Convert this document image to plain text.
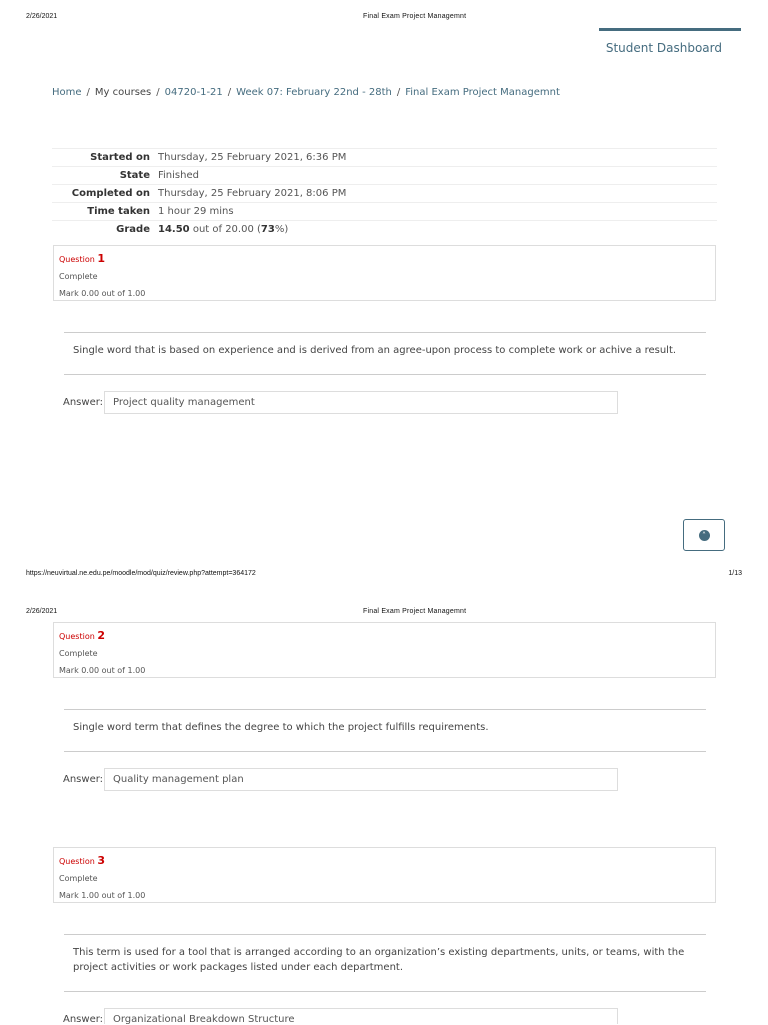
2/26/2021	Final Exam Project Managemnt
Student Dashboard
Home / My courses / 04720-1-21 / Week 07: February 22nd - 28th / Final Exam Project Managemnt
Started on	Thursday, 25 February 2021, 6:36 PM
State	Finished
Completed on	Thursday, 25 February 2021, 8:06 PM
Time taken	1 hour 29 mins
Grade	14.50 out of 20.00 (73%)
Question 1
Complete
Mark 0.00 out of 1.00
Single word that is based on experience and is derived from an agree-upon process to complete work or achive a result.
Answer: Project quality management
˄
https://neuvirtual.ne.edu.pe/moodle/mod/quiz/review.php?attempt=364172	1/13
2/26/2021	Final Exam Project Managemnt
Question 2
Complete
Mark 0.00 out of 1.00
Single word term that defines the degree to which the project fulfills requirements.
Answer: Quality management plan
Question 3
Complete
Mark 1.00 out of 1.00
This term is used for a tool that is arranged according to an organization’s existing departments, units, or teams, with the project activities or work packages listed under each department.
Answer: Organizational Breakdown Structure
